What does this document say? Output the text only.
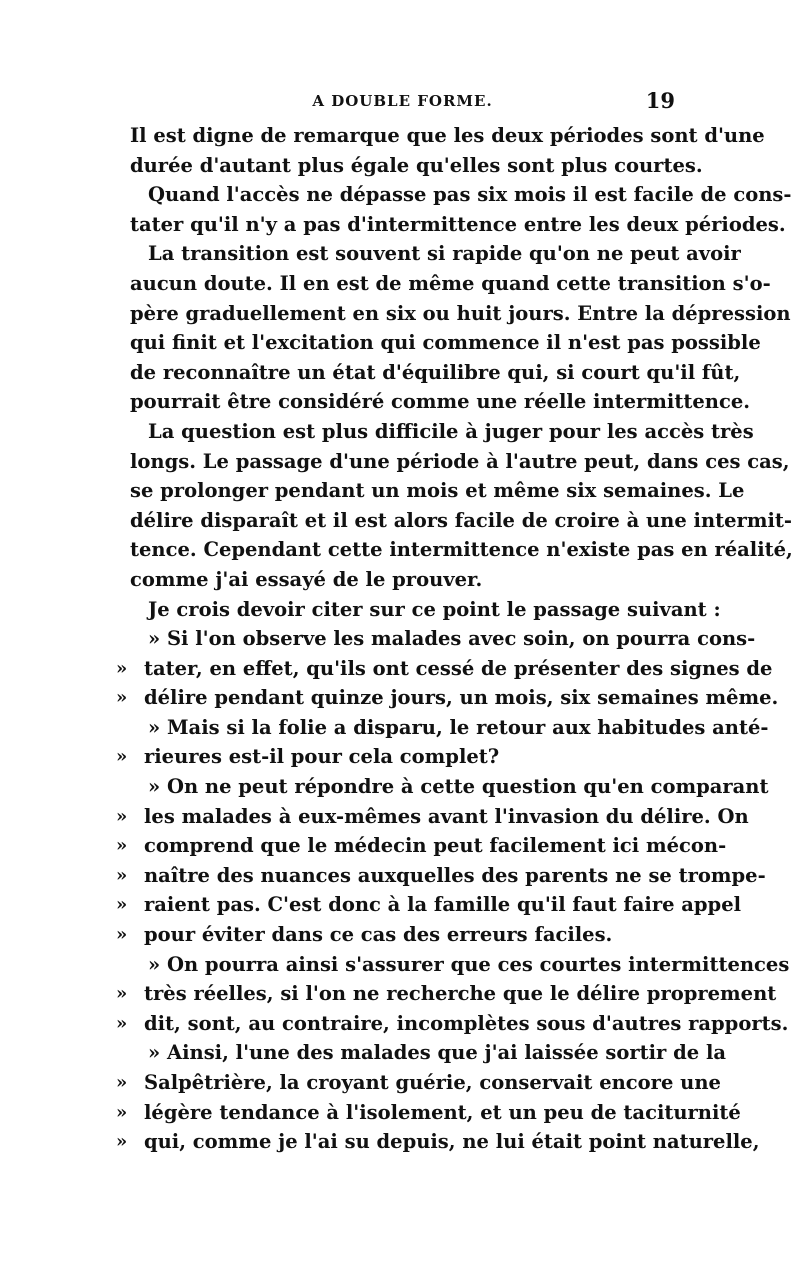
A DOUBLE FORME.	19
Il est digne de remarque que les deux périodes sont d'une
durée d'autant plus égale qu'elles sont plus courtes.
Quand l'accès ne dépasse pas six mois il est facile de cons-
tater qu'il n'y a pas d'intermittence entre les deux périodes.
La transition est souvent si rapide qu'on ne peut avoir
aucun doute. Il en est de même quand cette transition s'o-
père graduellement en six ou huit jours. Entre la dépression
qui finit et l'excitation qui commence il n'est pas possible
de reconnaître un état d'équilibre qui, si court qu'il fût,
pourrait être considéré comme une réelle intermittence.
La question est plus difficile à juger pour les accès très
longs. Le passage d'une période à l'autre peut, dans ces cas,
se prolonger pendant un mois et même six semaines. Le
délire disparaît et il est alors facile de croire à une intermit-
tence. Cependant cette intermittence n'existe pas en réalité,
comme j'ai essayé de le prouver.
Je crois devoir citer sur ce point le passage suivant :
» Si l'on observe les malades avec soin, on pourra cons-
» tater, en effet, qu'ils ont cessé de présenter des signes de
» délire pendant quinze jours, un mois, six semaines même.
» Mais si la folie a disparu, le retour aux habitudes anté-
» rieures est-il pour cela complet?
» On ne peut répondre à cette question qu'en comparant
» les malades à eux-mêmes avant l'invasion du délire. On
» comprend que le médecin peut facilement ici mécon-
» naître des nuances auxquelles des parents ne se trompe-
» raient pas. C'est donc à la famille qu'il faut faire appel
» pour éviter dans ce cas des erreurs faciles.
» On pourra ainsi s'assurer que ces courtes intermittences
» très réelles, si l'on ne recherche que le délire proprement
» dit, sont, au contraire, incomplètes sous d'autres rapports.
» Ainsi, l'une des malades que j'ai laissée sortir de la
» Salpêtrière, la croyant guérie, conservait encore une
» légère tendance à l'isolement, et un peu de taciturnité
» qui, comme je l'ai su depuis, ne lui était point naturelle,
